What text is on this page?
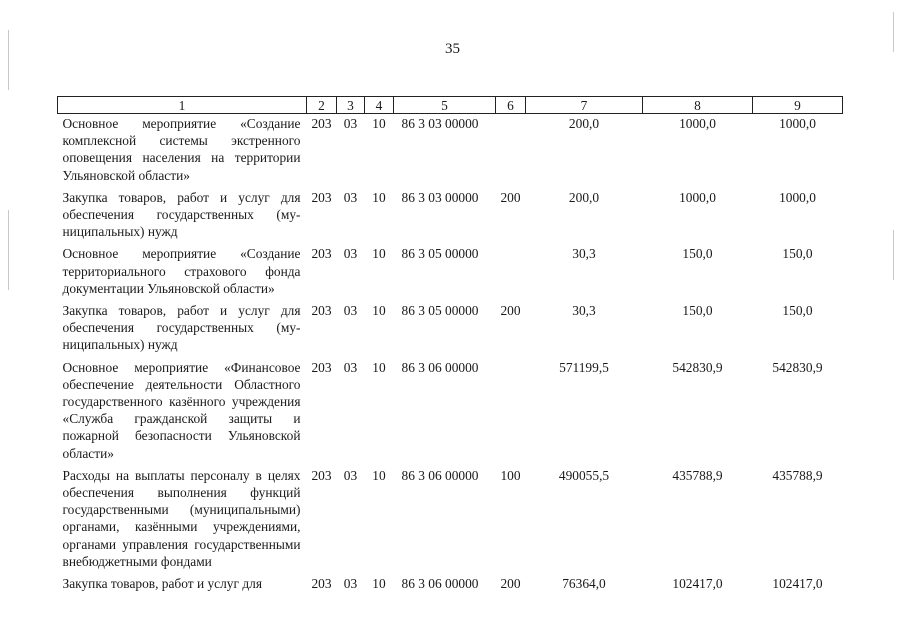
35
1	2	3	4	5	6	7	8	9
Основное мероприятие «Создание комплексной системы экстренного оповещения населения на территории Ульяновской области»	203	03	10	86 3 03 00000		200,0	1000,0	1000,0
Закупка товаров, работ и услуг для обеспечения государственных (муниципальных) нужд	203	03	10	86 3 03 00000	200	200,0	1000,0	1000,0
Основное мероприятие «Создание территориального страхового фонда документации Ульяновской области»	203	03	10	86 3 05 00000		30,3	150,0	150,0
Закупка товаров, работ и услуг для обеспечения государственных (муниципальных) нужд	203	03	10	86 3 05 00000	200	30,3	150,0	150,0
Основное мероприятие «Финансовое обеспечение деятельности Областного государственного казённого учреждения «Служба гражданской защиты и пожарной безопасности Ульяновской области»	203	03	10	86 3 06 00000		571199,5	542830,9	542830,9
Расходы на выплаты персоналу в целях обеспечения выполнения функций государственными (муниципальными) органами, казёнными учреждениями, органами управления государственными внебюджетными фондами	203	03	10	86 3 06 00000	100	490055,5	435788,9	435788,9
Закупка товаров, работ и услуг для	203	03	10	86 3 06 00000	200	76364,0	102417,0	102417,0
